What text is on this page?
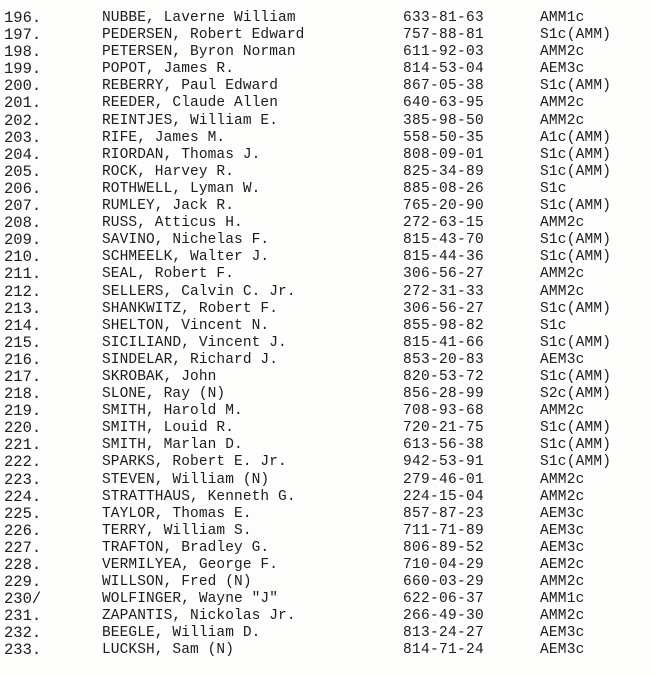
196.	NUBBE, Laverne William	633-81-63	AMM1c
197.	PEDERSEN, Robert Edward	757-88-81	S1c(AMM)
198.	PETERSEN, Byron Norman	611-92-03	AMM2c
199.	POPOT, James R.	814-53-04	AEM3c
200.	REBERRY, Paul Edward	867-05-38	S1c(AMM)
201.	REEDER, Claude Allen	640-63-95	AMM2c
202.	REINTJES, William E.	385-98-50	AMM2c
203.	RIFE, James M.	558-50-35	A1c(AMM)
204.	RIORDAN, Thomas J.	808-09-01	S1c(AMM)
205.	ROCK, Harvey R.	825-34-89	S1c(AMM)
206.	ROTHWELL, Lyman W.	885-08-26	S1c
207.	RUMLEY, Jack R.	765-20-90	S1c(AMM)
208.	RUSS, Atticus H.	272-63-15	AMM2c
209.	SAVINO, Nichelas F.	815-43-70	S1c(AMM)
210.	SCHMEELK, Walter J.	815-44-36	S1c(AMM)
211.	SEAL, Robert F.	306-56-27	AMM2c
212.	SELLERS, Calvin C. Jr.	272-31-33	AMM2c
213.	SHANKWITZ, Robert F.	306-56-27	S1c(AMM)
214.	SHELTON, Vincent N.	855-98-82	S1c
215.	SICILIAND, Vincent J.	815-41-66	S1c(AMM)
216.	SINDELAR, Richard J.	853-20-83	AEM3c
217.	SKROBAK, John	820-53-72	S1c(AMM)
218.	SLONE, Ray (N)	856-28-99	S2c(AMM)
219.	SMITH, Harold M.	708-93-68	AMM2c
220.	SMITH, Louid R.	720-21-75	S1c(AMM)
221.	SMITH, Marlan D.	613-56-38	S1c(AMM)
222.	SPARKS, Robert E. Jr.	942-53-91	S1c(AMM)
223.	STEVEN, William (N)	279-46-01	AMM2c
224.	STRATTHAUS, Kenneth G.	224-15-04	AMM2c
225.	TAYLOR, Thomas E.	857-87-23	AEM3c
226.	TERRY, William S.	711-71-89	AEM3c
227.	TRAFTON, Bradley G.	806-89-52	AEM3c
228.	VERMILYEA, George F.	710-04-29	AEM2c
229.	WILLSON, Fred (N)	660-03-29	AMM2c
230/	WOLFINGER, Wayne "J"	622-06-37	AMM1c
231.	ZAPANTIS, Nickolas Jr.	266-49-30	AMM2c
232.	BEEGLE, William D.	813-24-27	AEM3c
233.	LUCKSH, Sam (N)	814-71-24	AEM3c
